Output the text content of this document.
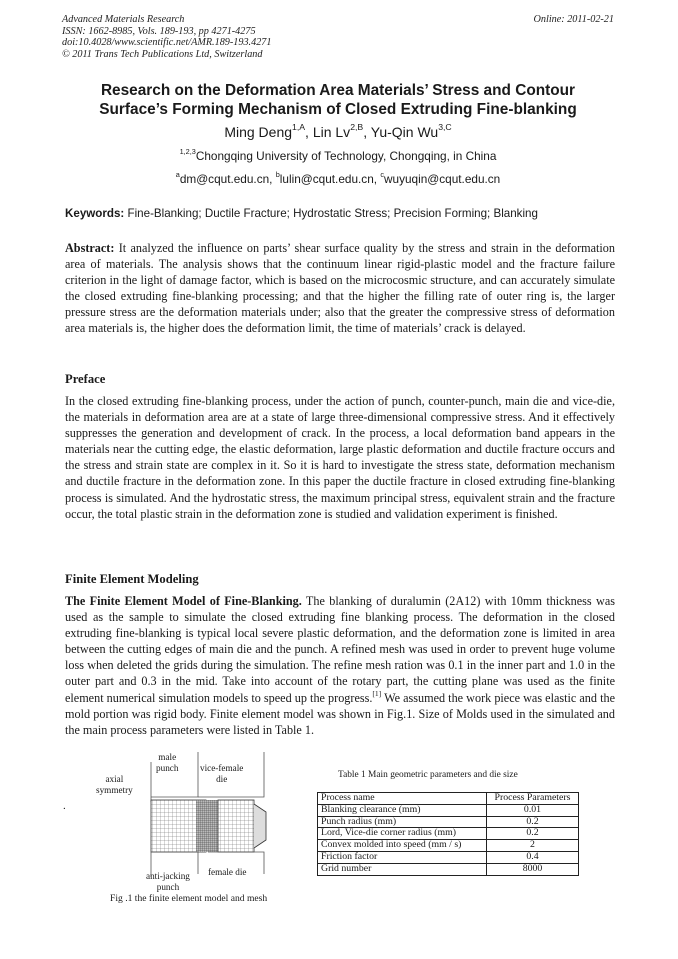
Advanced Materials Research
ISSN: 1662-8985, Vols. 189-193, pp 4271-4275
doi:10.4028/www.scientific.net/AMR.189-193.4271
© 2011 Trans Tech Publications Ltd, Switzerland
Online: 2011-02-21
Research on the Deformation Area Materials’ Stress and Contour
Surface’s Forming Mechanism of Closed Extruding Fine-blanking
Ming Deng$^{1,A}$, Lin $Lv^{2,B}$, Yu-Qin $Wu^{3,C}$
$^{1,2,3}$Chongqing University of Technology, Chongqing, in China
$^a$dm@cqut.edu.cn, $^b$lulin@cqut.edu.cn, $^c$wuyuqin@cqut.edu.cn
Keywords: Fine-Blanking; Ductile Fracture; Hydrostatic Stress; Precision Forming; Blanking
Abstract: It analyzed the influence on parts’ shear surface quality by the stress and strain in the deformation area of materials. The analysis shows that the continuum linear rigid-plastic model and the fracture failure criterion in the light of damage factor, which is based on the microcosmic structure, and can accurately simulate the closed extruding fine-blanking processing; and that the higher the filling rate of outer ring is, the larger pressure stress are the deformation materials under; also that the greater the compressive stress of deformation area materials is, the higher does the deformation limit, the time of materials’ crack is delayed.
Preface
In the closed extruding fine-blanking process, under the action of punch, counter-punch, main die and vice-die, the materials in deformation area are at a state of large three-dimensional compressive stress. And it effectively suppresses the generation and development of crack. In the process, a local deformation band appears in the materials near the cutting edge, the elastic deformation, large plastic deformation and ductile fracture occurs and the stress and strain state are complex in it. So it is hard to investigate the stress state, deformation mechanism and ductile fracture in the deformation zone. In this paper the ductile fracture in closed extruding fine-blanking process is simulated. And the hydrostatic stress, the maximum principal stress, equivalent strain and the fracture occur, the total plastic strain in the deformation zone is studied and validation experiment is finished.
Finite Element Modeling
The Finite Element Model of Fine-Blanking. The blanking of duralumin (2A12) with 10mm thickness was used as the sample to simulate the closed extruding fine blanking process. The deformation in the closed extruding fine-blanking is typical local severe plastic deformation, and the deformation zone is limited in area between the cutting edges of main die and the punch. A refined mesh was used in order to prevent huge volume loss when deleted the grids during the simulation. The refine mesh ration was 0.1 in the inner part and 1.0 in the outer part and 0.3 in the mid. Take into account of the rotary part, the cutting plane was used as the finite element numerical simulation models to speed up the progress.[1] We assumed the work piece was elastic and the mold portion was rigid body. Finite element model was shown in Fig.1. Size of Molds used in the simulated and the main process parameters were listed in Table 1.
.
male
punch vice-female
die
axial
symmetry
anti-jacking
punch
female die
Fig .1 the finite element model and mesh
Table 1 Main geometric parameters and die size
Process name	Process Parameters
Blanking clearance (mm)	0.01
Punch radius (mm)	0.2
Lord, Vice-die corner radius (mm)	0.2
Convex molded into speed (mm / s)	2
Friction factor	0.4
Grid number	8000
